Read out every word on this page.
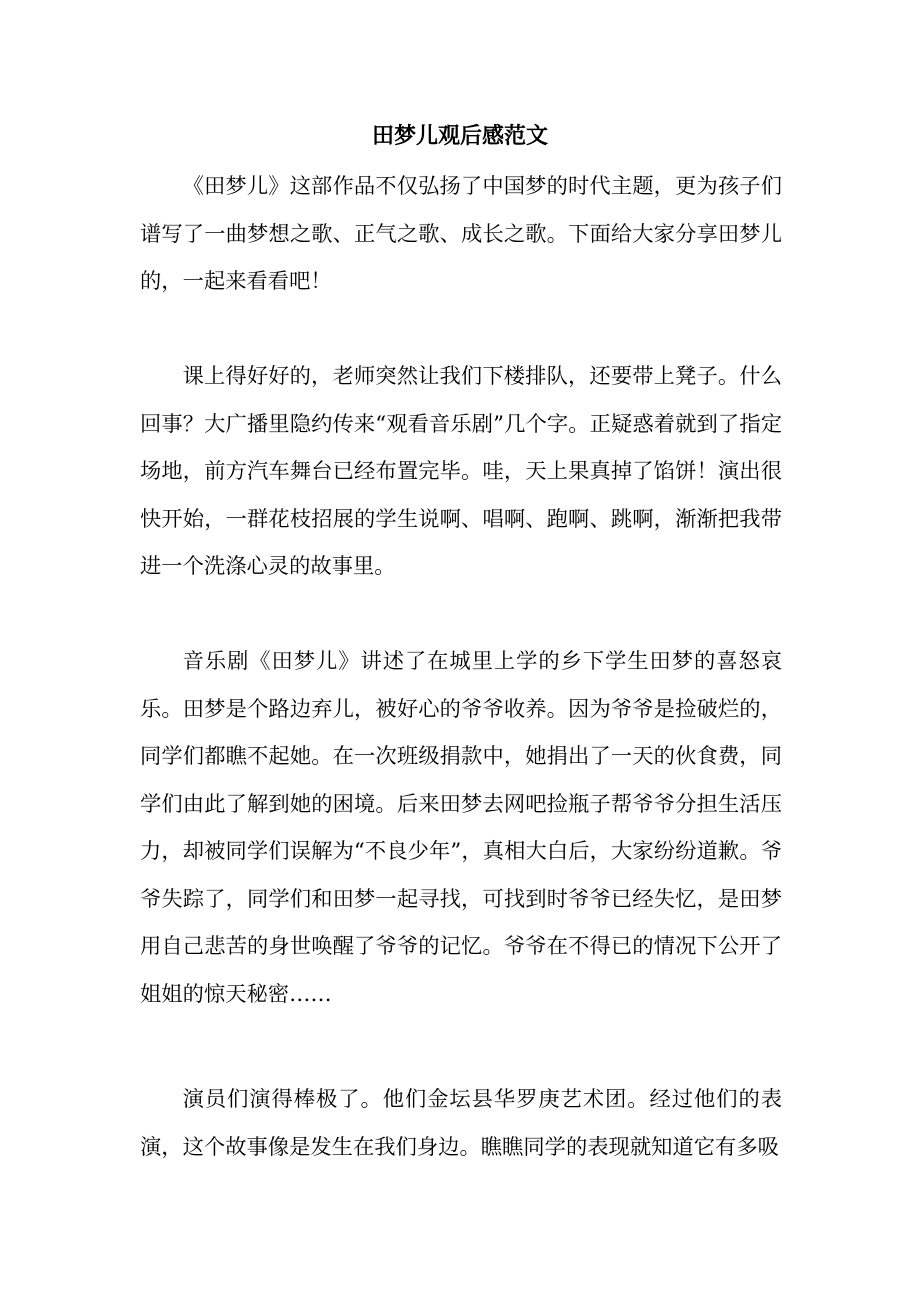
田梦儿观后感范文

《田梦儿》这部作品不仅弘扬了中国梦的时代主题，更为孩子们谱写了一曲梦想之歌、正气之歌、成长之歌。下面给大家分享田梦儿的，一起来看看吧！

课上得好好的，老师突然让我们下楼排队，还要带上凳子。什么回事？大广播里隐约传来“观看音乐剧”几个字。正疑惑着就到了指定场地，前方汽车舞台已经布置完毕。哇，天上果真掉了馅饼！演出很快开始，一群花枝招展的学生说啊、唱啊、跑啊、跳啊，渐渐把我带进一个洗涤心灵的故事里。

音乐剧《田梦儿》讲述了在城里上学的乡下学生田梦的喜怒哀乐。田梦是个路边弃儿，被好心的爷爷收养。因为爷爷是捡破烂的，同学们都瞧不起她。在一次班级捐款中，她捐出了一天的伙食费，同学们由此了解到她的困境。后来田梦去网吧捡瓶子帮爷爷分担生活压力，却被同学们误解为“不良少年”，真相大白后，大家纷纷道歉。爷爷失踪了，同学们和田梦一起寻找，可找到时爷爷已经失忆，是田梦用自己悲苦的身世唤醒了爷爷的记忆。爷爷在不得已的情况下公开了姐姐的惊天秘密……

演员们演得棒极了。他们金坛县华罗庚艺术团。经过他们的表演，这个故事像是发生在我们身边。瞧瞧同学的表现就知道它有多吸
